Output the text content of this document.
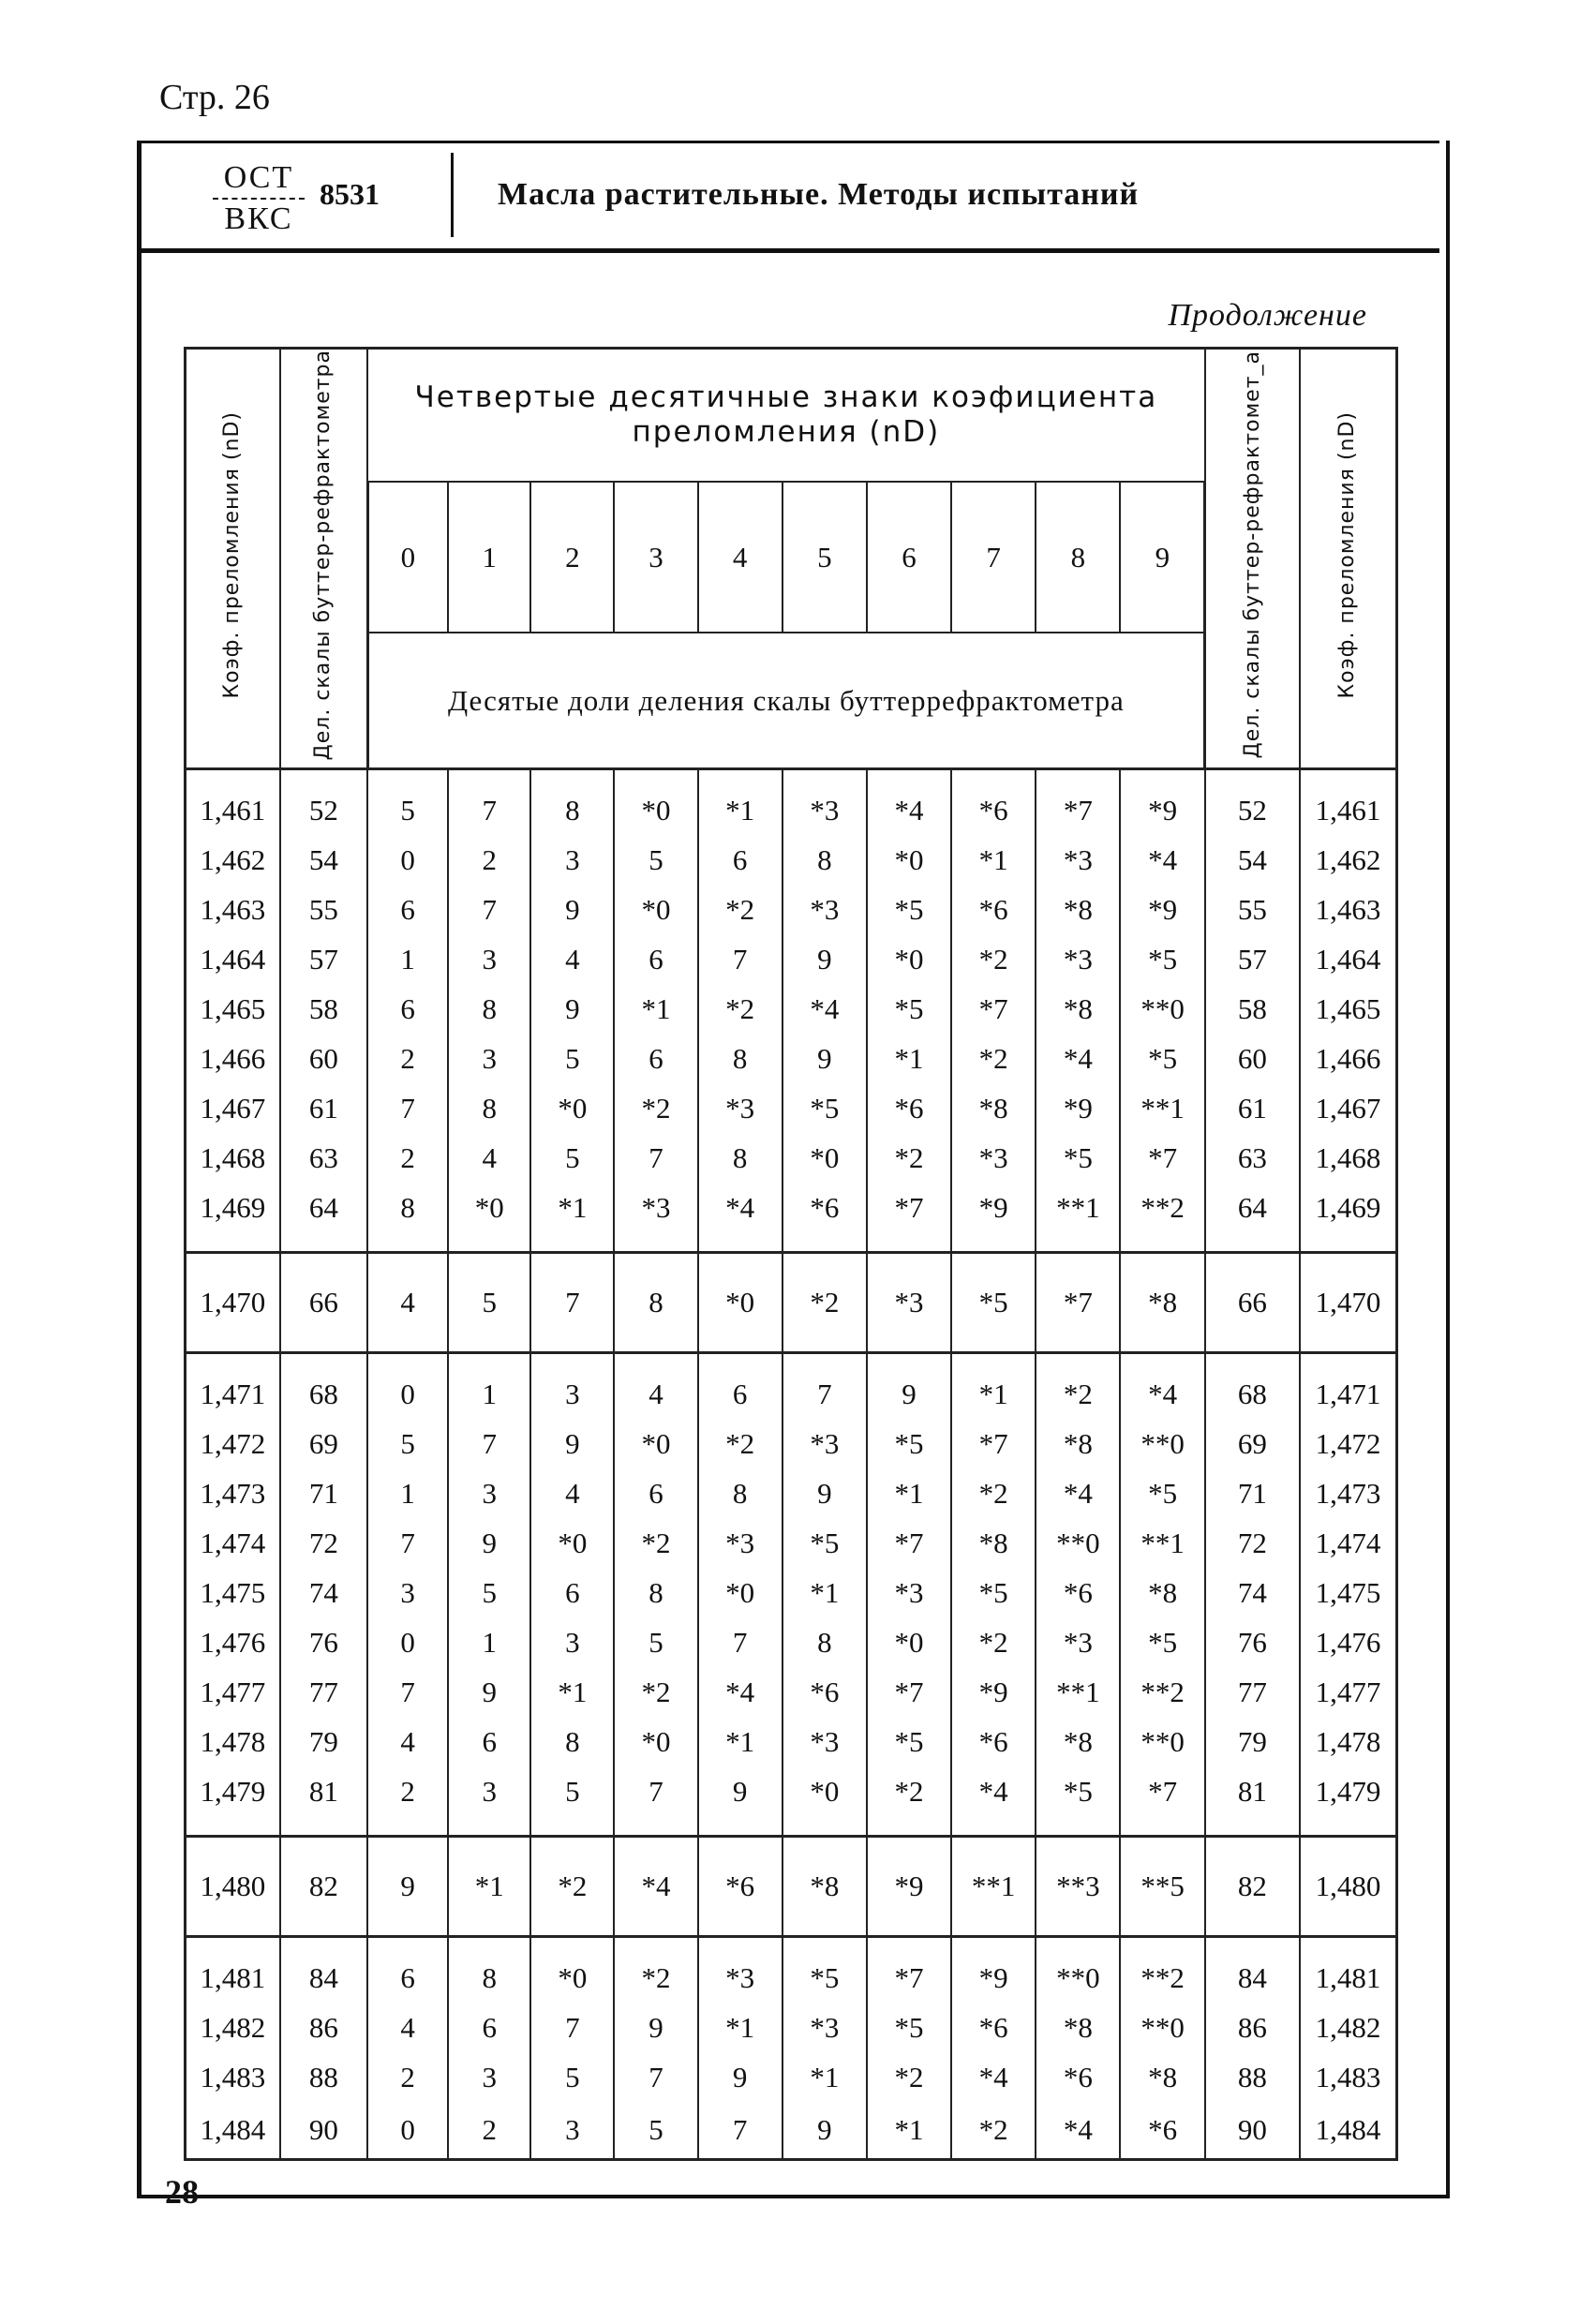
Стр. 26
ОСТ
ВКС
8531	Масла растительные. Методы испытаний
Продолжение
Коэф. преломления (nD)	Дел. скалы буттер-рефрактометра	Четвертые десятичные знаки коэфициента преломления (nD)										Дел. скалы буттер-рефрактомет_a	Коэф. преломления (nD)
		0	1	2	3	4	5	6	7	8	9		
		Десятые доли деления скалы буттеррефрактометра											
1,461	52	5	7	8	*0	*1	*3	*4	*6	*7	*9	52	1,461
1,462	54	0	2	3	5	6	8	*0	*1	*3	*4	54	1,462
1,463	55	6	7	9	*0	*2	*3	*5	*6	*8	*9	55	1,463
1,464	57	1	3	4	6	7	9	*0	*2	*3	*5	57	1,464
1,465	58	6	8	9	*1	*2	*4	*5	*7	*8	**0	58	1,465
1,466	60	2	3	5	6	8	9	*1	*2	*4	*5	60	1,466
1,467	61	7	8	*0	*2	*3	*5	*6	*8	*9	**1	61	1,467
1,468	63	2	4	5	7	8	*0	*2	*3	*5	*7	63	1,468
1,469	64	8	*0	*1	*3	*4	*6	*7	*9	**1	**2	64	1,469

1,470	66	4	5	7	8	*0	*2	*3	*5	*7	*8	66	1,470
1,471	68	0	1	3	4	6	7	9	*1	*2	*4	68	1,471
1,472	69	5	7	9	*0	*2	*3	*5	*7	*8	**0	69	1,472
1,473	71	1	3	4	6	8	9	*1	*2	*4	*5	71	1,473
1,474	72	7	9	*0	*2	*3	*5	*7	*8	**0	**1	72	1,474
1,475	74	3	5	6	8	*0	*1	*3	*5	*6	*8	74	1,475
1,476	76	0	1	3	5	7	8	*0	*2	*3	*5	76	1,476
1,477	77	7	9	*1	*2	*4	*6	*7	*9	**1	**2	77	1,477
1,478	79	4	6	8	*0	*1	*3	*5	*6	*8	**0	79	1,478
1,479	81	2	3	5	7	9	*0	*2	*4	*5	*7	81	1,479

1,480	82	9	*1	*2	*4	*6	*8	*9	**1	**3	**5	82	1,480
1,481	84	6	8	*0	*2	*3	*5	*7	*9	**0	**2	84	1,481
1,482	86	4	6	7	9	*1	*3	*5	*6	*8	**0	86	1,482
1,483	88	2	3	5	7	9	*1	*2	*4	*6	*8	88	1,483
1,484	90	0	2	3	5	7	9	*1	*2	*4	*6	90	1,484
28
